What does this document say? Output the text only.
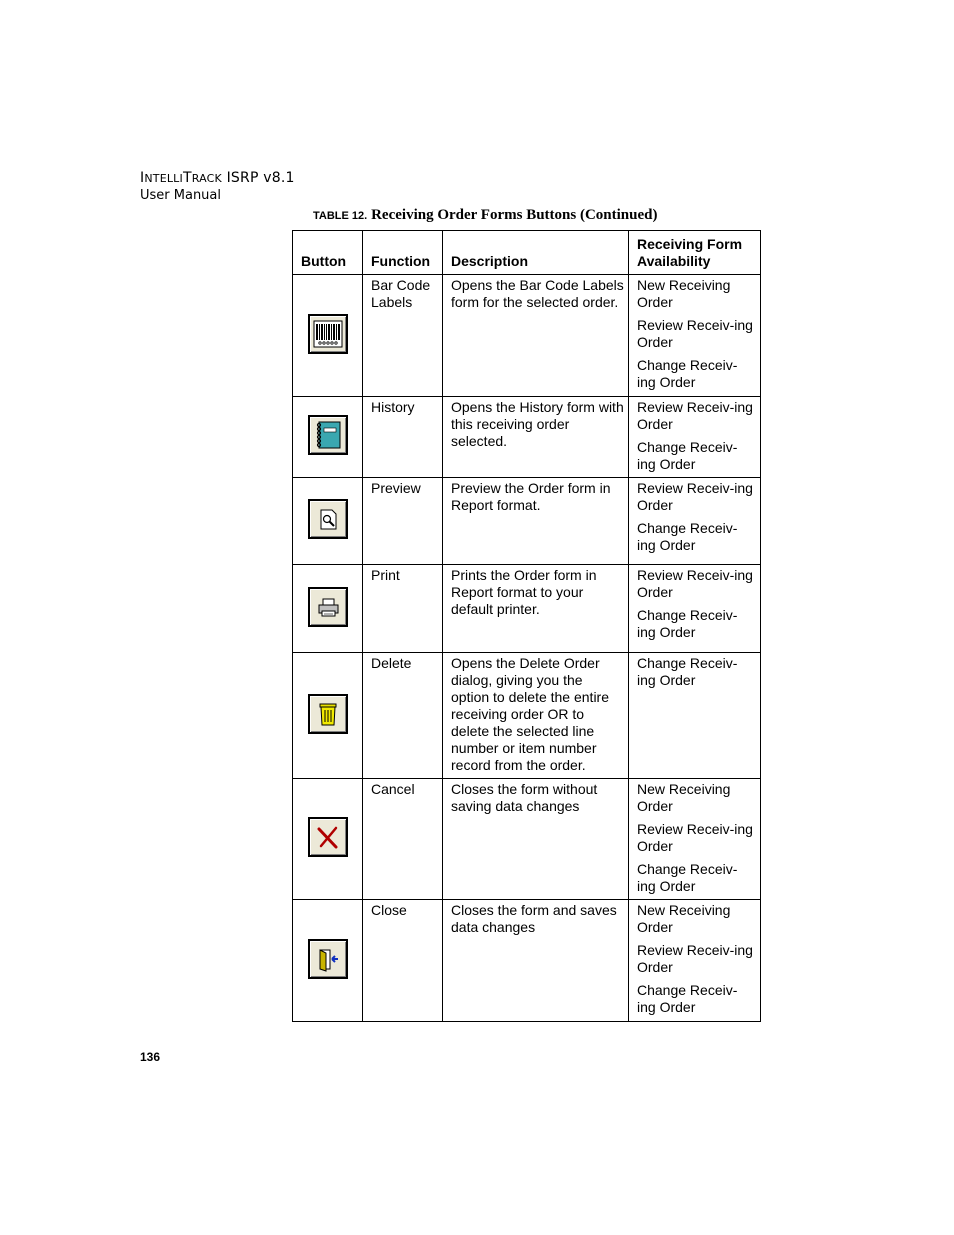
INTELLITRACK ISRP v8.1
User Manual
TABLE 12. Receiving Order Forms Buttons (Continued)
Button	Function	Description	Receiving Form Availability

	Bar Code Labels	Opens the Bar Code Labels form for the selected order.	New Receiving Order

Review Receiv-ing Order

Change Receiv-ing Order

	History	Opens the History form with this receiving order selected.	Review Receiv-ing Order

Change Receiv-ing Order

	Preview	Preview the Order form in Report format.	Review Receiv-ing Order

Change Receiv-ing Order

	Print	Prints the Order form in Report format to your default printer.	Review Receiv-ing Order

Change Receiv-ing Order

	Delete	Opens the Delete Order dialog, giving you the option to delete the entire receiving order OR to delete the selected line number or item number record from the order.	Change Receiv-ing Order

	Cancel	Closes the form without saving data changes	New Receiving Order

Review Receiv-ing Order

Change Receiv-ing Order

	Close	Closes the form and saves data changes	New Receiving Order

Review Receiv-ing Order

Change Receiv-ing Order

136
